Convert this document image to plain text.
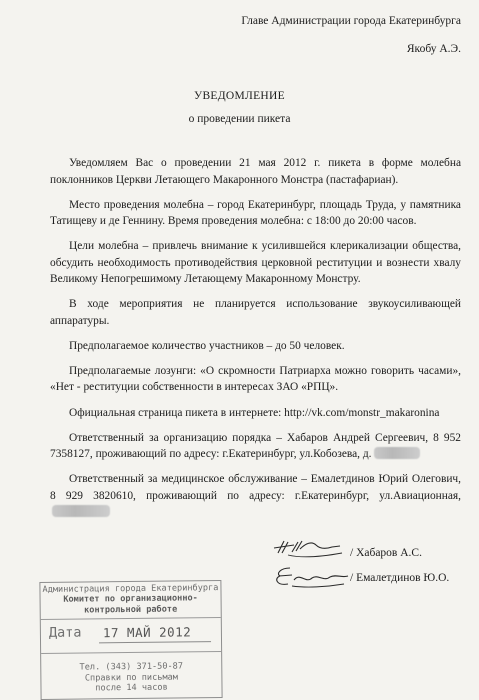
Главе Администрации города Екатеринбурга
Якобу А.Э.
УВЕДОМЛЕНИЕ
о проведении пикета

Уведомляем Вас о проведении 21 мая 2012 г. пикета в форме молебна поклонников Церкви Летающего Макаронного Монстра (пастафариан).

Место проведения молебна – город Екатеринбург, площадь Труда, у памятника Татищеву и де Геннину. Время проведения молебна: с 18:00 до 20:00 часов.

Цели молебна – привлечь внимание к усилившейся клерикализации общества, обсудить необходимость противодействия церковной реституции и вознести хвалу Великому Непогрешимому Летающему Макаронному Монстру.

В ходе мероприятия не планируется использование звукоусиливающей аппаратуры.

Предполагаемое количество участников – до 50 человек.

Предполагаемые лозунги: «О скромности Патриарха можно говорить часами», «Нет - реституции собственности в интересах ЗАО «РПЦ».

Официальная страница пикета в интернете: http://vk.com/monstr_makaronina

Ответственный за организацию порядка – Хабаров Андрей Сергеевич, 8 952 7358127, проживающий по адресу: г.Екатеринбург, ул.Кобозева, д.

Ответственный за медицинское обслуживание – Емалетдинов Юрий Олегович, 8 929 3820610, проживающий по адресу: г.Екатеринбург, ул.Авиационная,

/ Хабаров А.С.
/ Емалетдинов Ю.О.
Администрация города Екатеринбурга
Комитет по организационно-
контрольной работе
Дата 17 МАЙ 2012
Тел. (343) 371-50-87
Справки по письмам
после 14 часов
